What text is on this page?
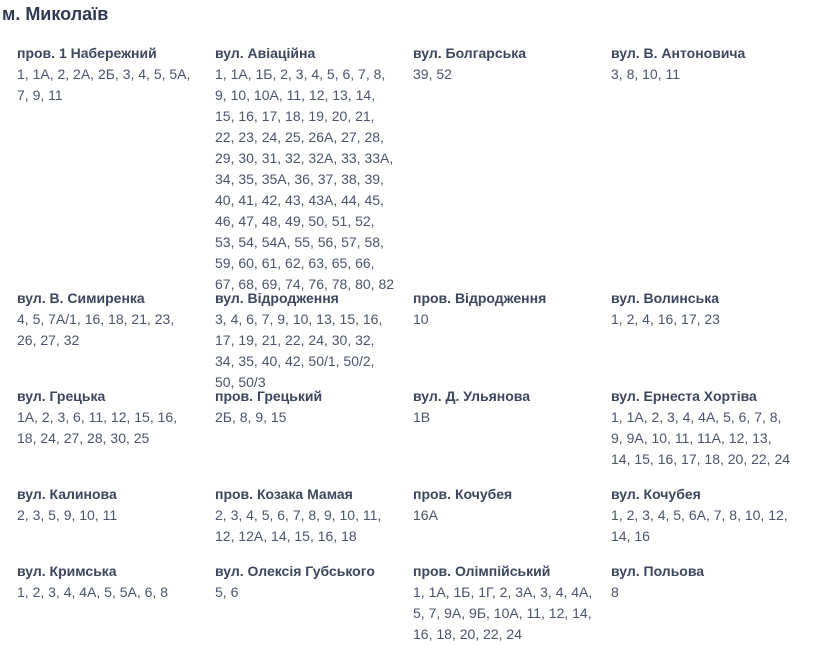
м. Миколаїв
пров. 1 Набережний
1, 1А, 2, 2А, 2Б, 3, 4, 5, 5А, 7, 9, 11
вул. Авіаційна
1, 1А, 1Б, 2, 3, 4, 5, 6, 7, 8, 9, 10, 10А, 11, 12, 13, 14, 15, 16, 17, 18, 19, 20, 21, 22, 23, 24, 25, 26А, 27, 28, 29, 30, 31, 32, 32А, 33, 33А, 34, 35, 35А, 36, 37, 38, 39, 40, 41, 42, 43, 43А, 44, 45, 46, 47, 48, 49, 50, 51, 52, 53, 54, 54А, 55, 56, 57, 58, 59, 60, 61, 62, 63, 65, 66, 67, 68, 69, 74, 76, 78, 80, 82
вул. Болгарська
39, 52
вул. В. Антоновича
3, 8, 10, 11
вул. В. Симиренка
4, 5, 7А/1, 16, 18, 21, 23, 26, 27, 32
вул. Відродження
3, 4, 6, 7, 9, 10, 13, 15, 16, 17, 19, 21, 22, 24, 30, 32, 34, 35, 40, 42, 50/1, 50/2, 50, 50/3
пров. Відродження
10
вул. Волинська
1, 2, 4, 16, 17, 23
вул. Грецька
1А, 2, 3, 6, 11, 12, 15, 16, 18, 24, 27, 28, 30, 25
пров. Грецький
2Б, 8, 9, 15
вул. Д. Ульянова
1В
вул. Ернеста Хортіва
1, 1А, 2, 3, 4, 4А, 5, 6, 7, 8, 9, 9А, 10, 11, 11А, 12, 13, 14, 15, 16, 17, 18, 20, 22, 24
вул. Калинова
2, 3, 5, 9, 10, 11
пров. Козака Мамая
2, 3, 4, 5, 6, 7, 8, 9, 10, 11, 12, 12А, 14, 15, 16, 18
пров. Кочубея
16А
вул. Кочубея
1, 2, 3, 4, 5, 6А, 7, 8, 10, 12, 14, 16
вул. Кримська
1, 2, 3, 4, 4А, 5, 5А, 6, 8
вул. Олексія Губського
5, 6
пров. Олімпійський
1, 1А, 1Б, 1Г, 2, 3А, 3, 4, 4А, 5, 7, 9А, 9Б, 10А, 11, 12, 14, 16, 18, 20, 22, 24
вул. Польова
8
